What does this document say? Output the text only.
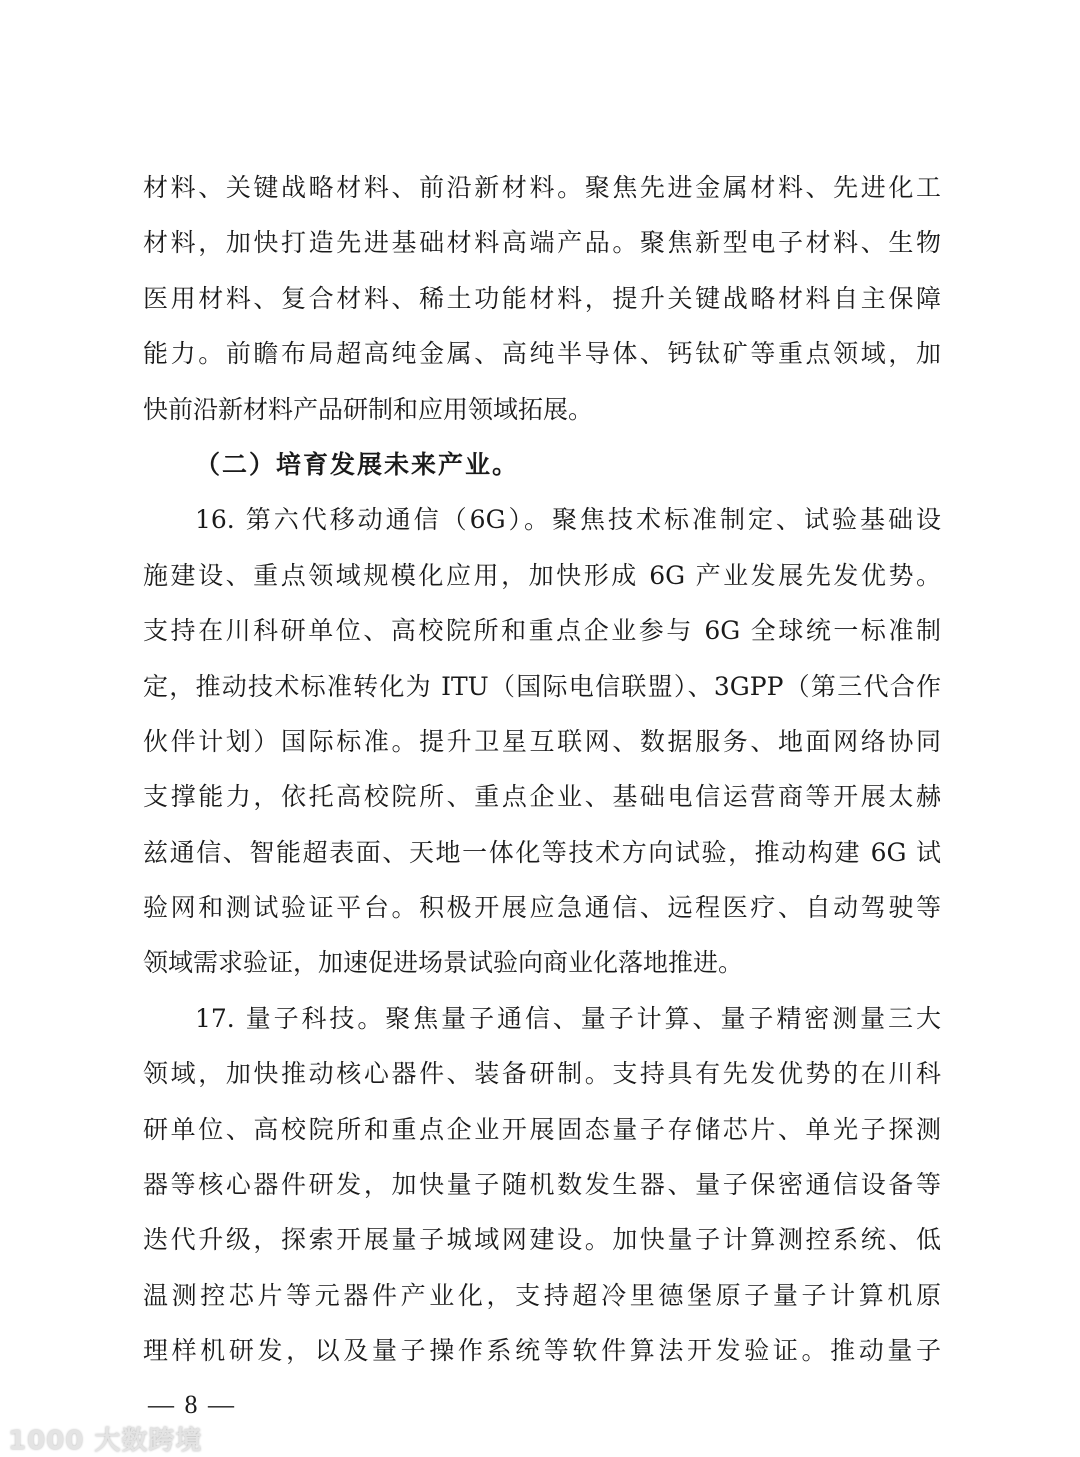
材料、关键战略材料、前沿新材料。聚焦先进金属材料、先进化工
材料，加快打造先进基础材料高端产品。聚焦新型电子材料、生物
医用材料、复合材料、稀土功能材料，提升关键战略材料自主保障
能力。前瞻布局超高纯金属、高纯半导体、钙钛矿等重点领域，加
快前沿新材料产品研制和应用领域拓展。
（二）培育发展未来产业。
16. 第六代移动通信（6G）。聚焦技术标准制定、试验基础设
施建设、重点领域规模化应用，加快形成 6G 产业发展先发优势。
支持在川科研单位、高校院所和重点企业参与 6G 全球统一标准制
定，推动技术标准转化为 ITU（国际电信联盟）、3GPP（第三代合作
伙伴计划）国际标准。提升卫星互联网、数据服务、地面网络协同
支撑能力，依托高校院所、重点企业、基础电信运营商等开展太赫
兹通信、智能超表面、天地一体化等技术方向试验，推动构建 6G 试
验网和测试验证平台。积极开展应急通信、远程医疗、自动驾驶等
领域需求验证，加速促进场景试验向商业化落地推进。
17. 量子科技。聚焦量子通信、量子计算、量子精密测量三大
领域，加快推动核心器件、装备研制。支持具有先发优势的在川科
研单位、高校院所和重点企业开展固态量子存储芯片、单光子探测
器等核心器件研发，加快量子随机数发生器、量子保密通信设备等
迭代升级，探索开展量子城域网建设。加快量子计算测控系统、低
温测控芯片等元器件产业化，支持超冷里德堡原子量子计算机原
理样机研发，以及量子操作系统等软件算法开发验证。推动量子
— 8 —
1000 大数跨境
